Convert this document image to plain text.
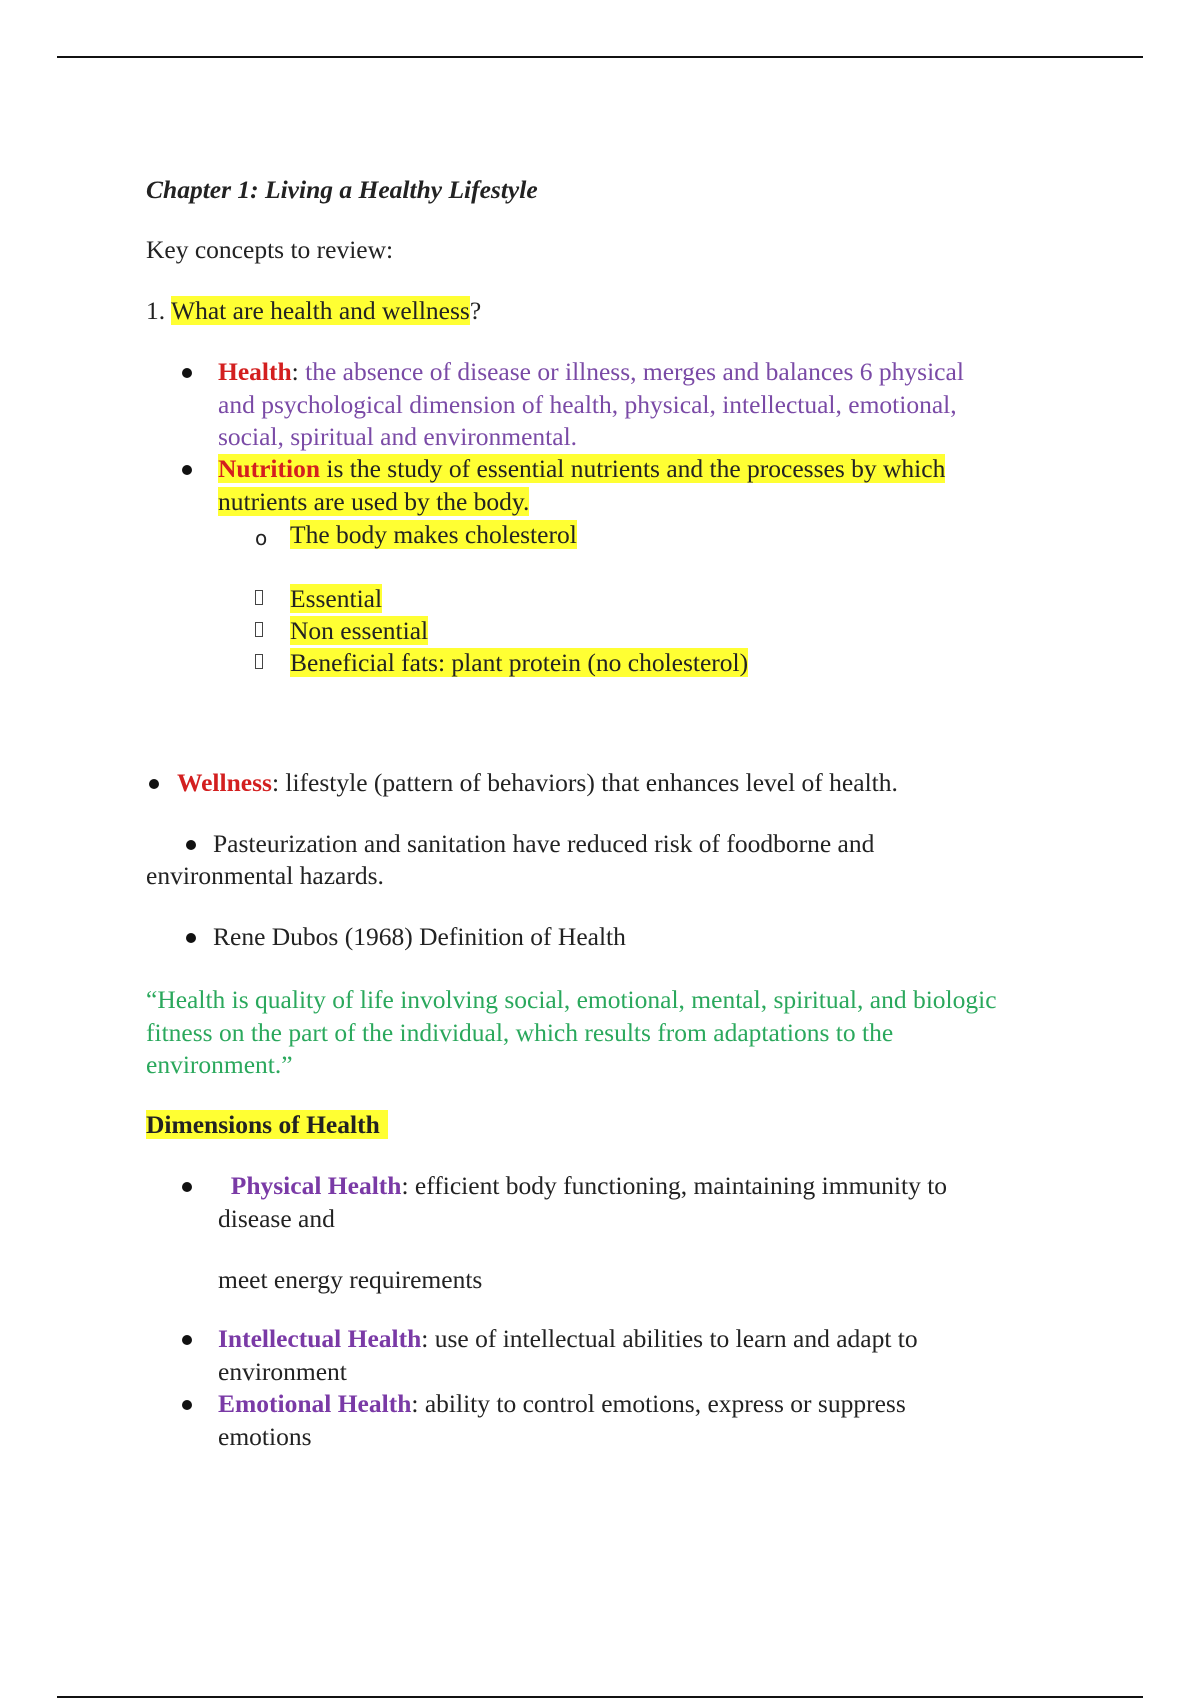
Chapter 1: Living a Healthy Lifestyle
Key concepts to review:
1. What are health and wellness?
Health: the absence of disease or illness, merges and balances 6 physical
and psychological dimension of health, physical, intellectual, emotional,
social, spiritual and environmental.
Nutrition is the study of essential nutrients and the processes by which
nutrients are used by the body.
o The body makes cholesterol
Essential
Non essential
Beneficial fats: plant protein (no cholesterol)
Wellness: lifestyle (pattern of behaviors) that enhances level of health.
Pasteurization and sanitation have reduced risk of foodborne and
environmental hazards.
Rene Dubos (1968) Definition of Health
“Health is quality of life involving social, emotional, mental, spiritual, and biologic
fitness on the part of the individual, which results from adaptations to the
environment.”
Dimensions of Health
Physical Health: efficient body functioning, maintaining immunity to
disease and
meet energy requirements
Intellectual Health: use of intellectual abilities to learn and adapt to
environment
Emotional Health: ability to control emotions, express or suppress
emotions
